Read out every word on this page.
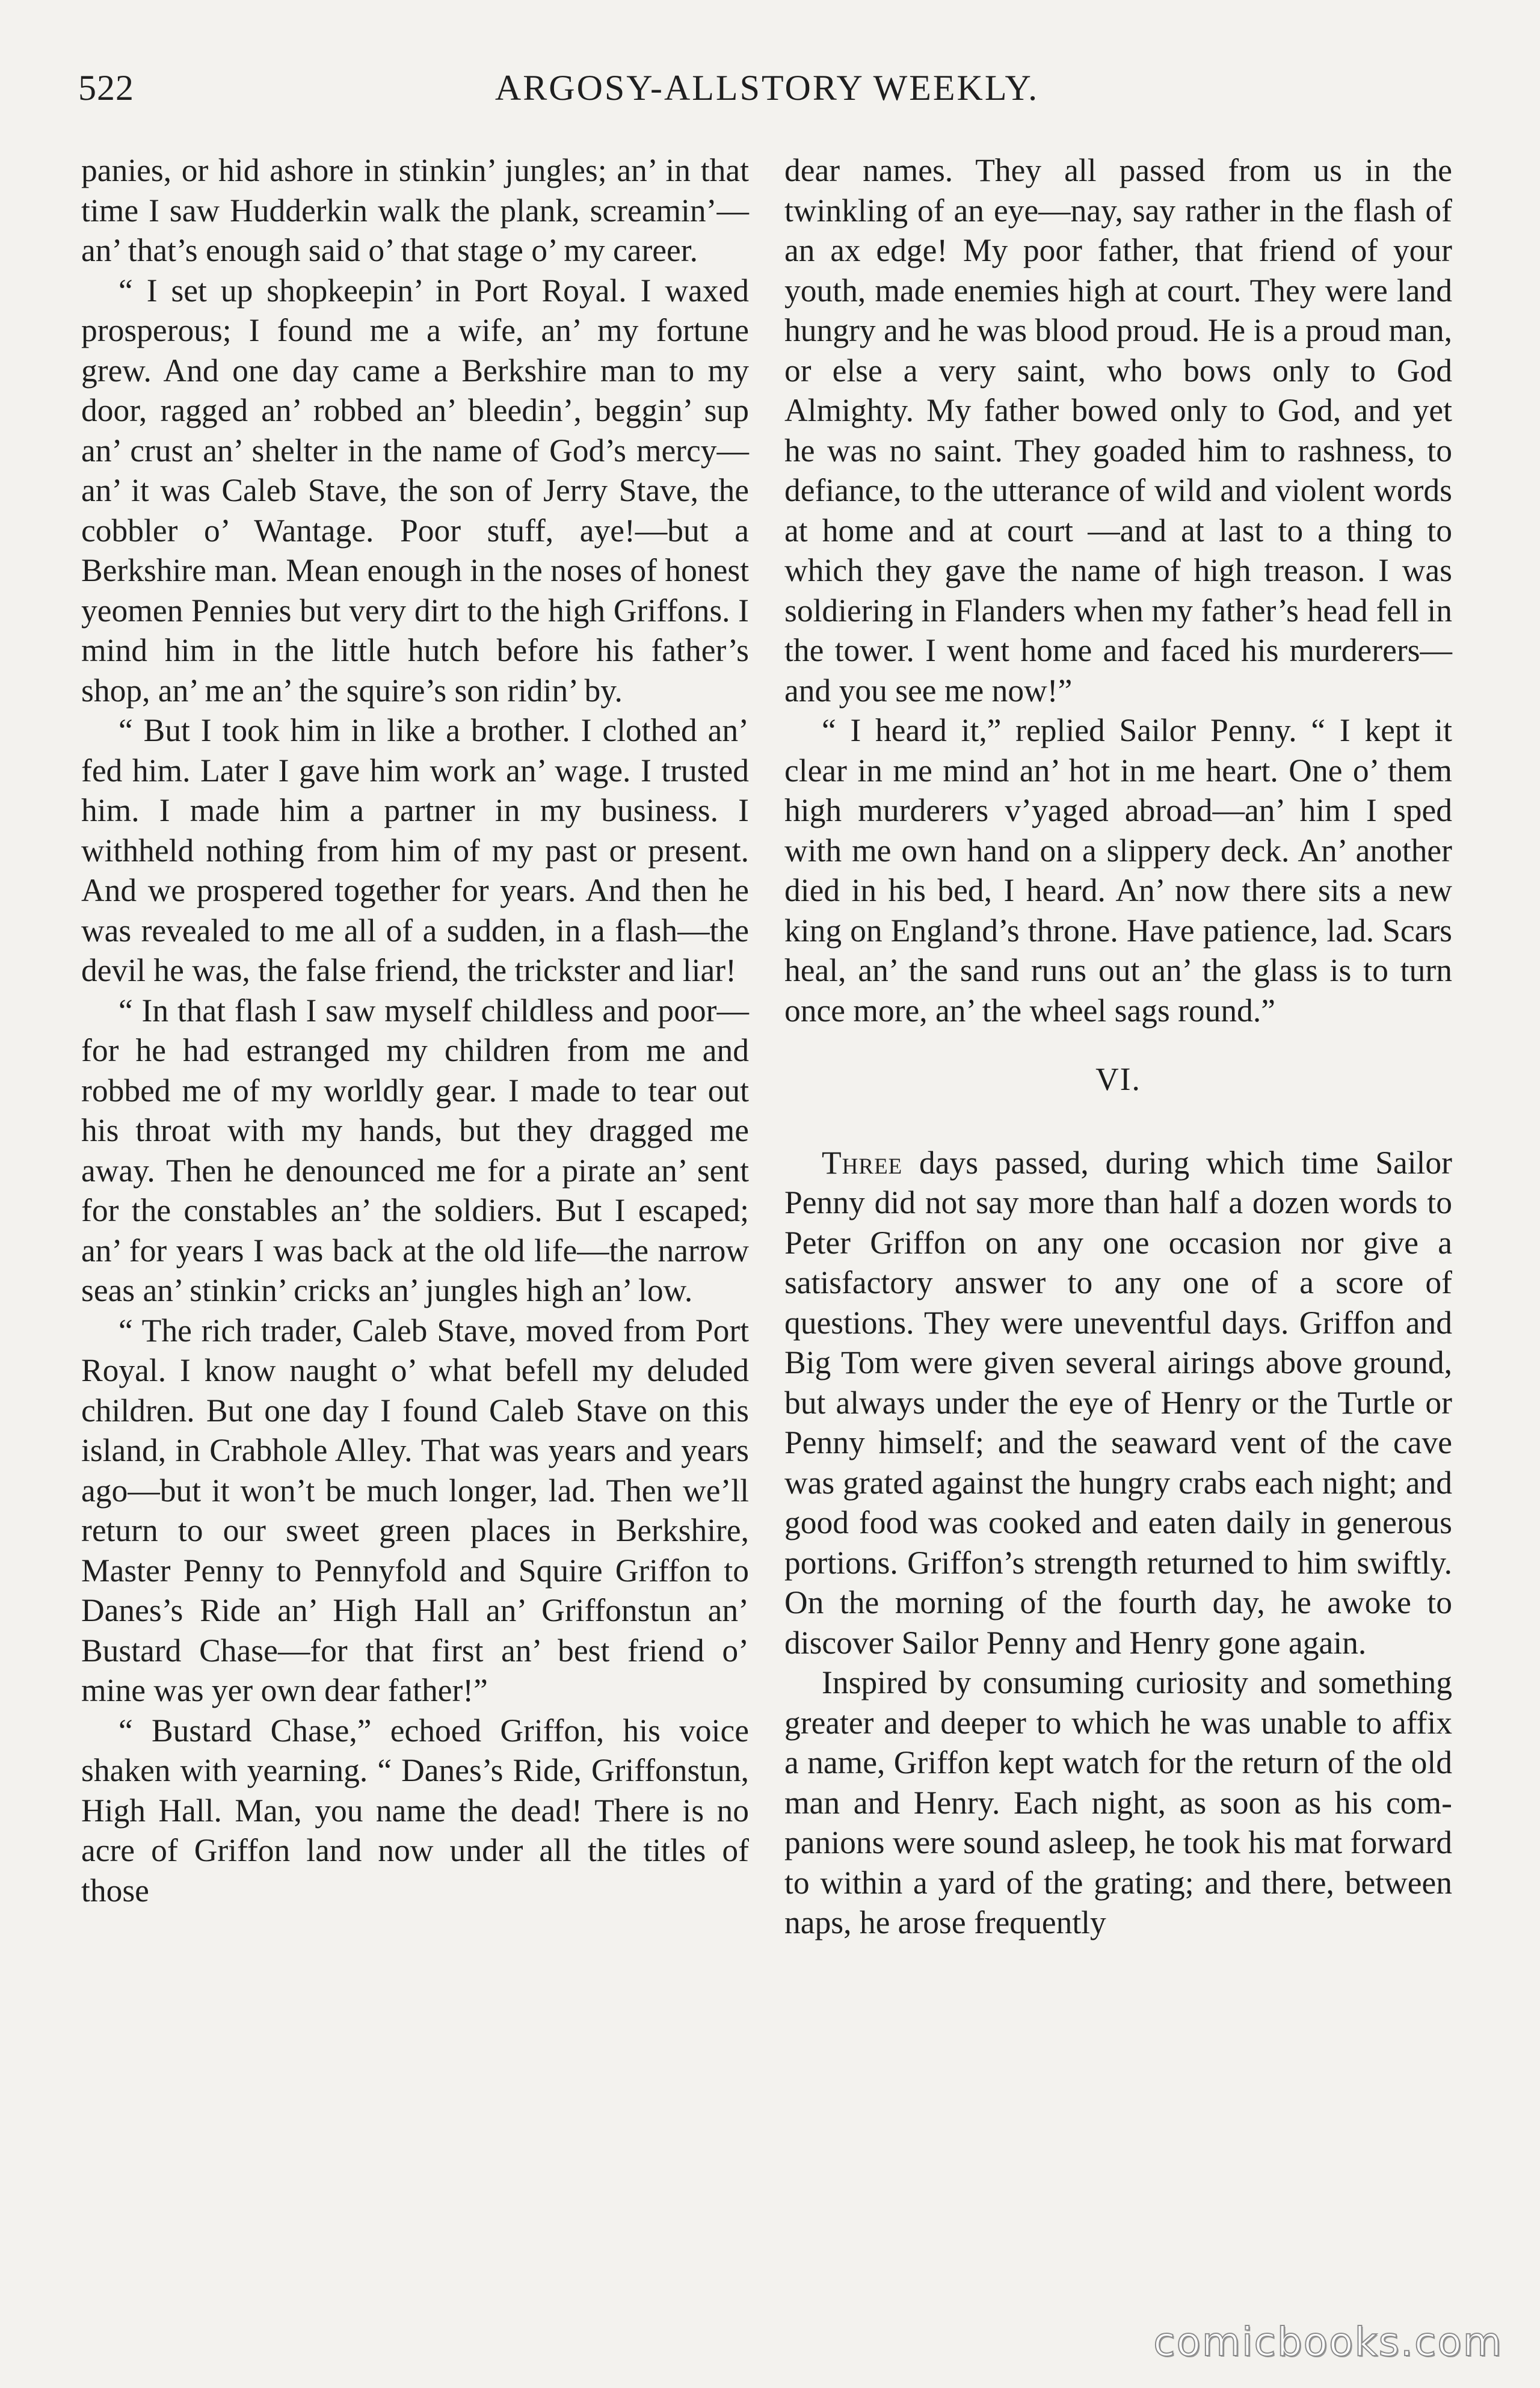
522	ARGOSY-ALLSTORY WEEKLY.

panies, or hid ashore in stinkin’ jungles; an’ in that time I saw Hudderkin walk the plank, screamin’—an’ that’s enough said o’ that stage o’ my career.

“ I set up shopkeepin’ in Port Royal. I waxed prosperous; I found me a wife, an’ my fortune grew. And one day came a Berkshire man to my door, ragged an’ robbed an’ bleedin’, beggin’ sup an’ crust an’ shelter in the name of God’s mercy— an’ it was Caleb Stave, the son of Jerry Stave, the cobbler o’ Wantage. Poor stuff, aye!—but a Berkshire man. Mean enough in the noses of honest yeomen Pennies but very dirt to the high Griffons. I mind him in the little hutch before his father’s shop, an’ me an’ the squire’s son ridin’ by.

“ But I took him in like a brother. I clothed an’ fed him. Later I gave him work an’ wage. I trusted him. I made him a partner in my business. I withheld nothing from him of my past or present. And we prospered together for years. And then he was revealed to me all of a sudden, in a flash—the devil he was, the false friend, the trickster and liar!

“ In that flash I saw myself childless and poor—for he had estranged my children from me and robbed me of my worldly gear. I made to tear out his throat with my hands, but they dragged me away. Then he denounced me for a pirate an’ sent for the constables an’ the soldiers. But I escaped; an’ for years I was back at the old life—the narrow seas an’ stinkin’ cricks an’ jungles high an’ low.

“ The rich trader, Caleb Stave, moved from Port Royal. I know naught o’ what befell my deluded children. But one day I found Caleb Stave on this island, in Crabhole Alley. That was years and years ago—but it won’t be much longer, lad. Then we’ll return to our sweet green places in Berkshire, Master Penny to Pennyfold and Squire Griffon to Danes’s Ride an’ High Hall an’ Griffonstun an’ Bustard Chase—for that first an’ best friend o’ mine was yer own dear father!”

“ Bustard Chase,” echoed Griffon, his voice shaken with yearning. “ Danes’s Ride, Griffonstun, High Hall. Man, you name the dead! There is no acre of Griffon land now under all the titles of those

dear names. They all passed from us in the twinkling of an eye—nay, say rather in the flash of an ax edge! My poor father, that friend of your youth, made enemies high at court. They were land hungry and he was blood proud. He is a proud man, or else a very saint, who bows only to God Almighty. My father bowed only to God, and yet he was no saint. They goaded him to rashness, to defiance, to the utterance of wild and violent words at home and at court —and at last to a thing to which they gave the name of high treason. I was soldiering in Flanders when my father’s head fell in the tower. I went home and faced his murderers—and you see me now!”

“ I heard it,” replied Sailor Penny. “ I kept it clear in me mind an’ hot in me heart. One o’ them high murderers v’yaged abroad—an’ him I sped with me own hand on a slippery deck. An’ another died in his bed, I heard. An’ now there sits a new king on England’s throne. Have patience, lad. Scars heal, an’ the sand runs out an’ the glass is to turn once more, an’ the wheel sags round.”

VI.

Three days passed, during which time Sailor Penny did not say more than half a dozen words to Peter Griffon on any one occasion nor give a satisfactory answer to any one of a score of questions. They were uneventful days. Griffon and Big Tom were given several airings above ground, but always under the eye of Henry or the Turtle or Penny himself; and the seaward vent of the cave was grated against the hungry crabs each night; and good food was cooked and eaten daily in generous portions. Griffon’s strength returned to him swiftly. On the morning of the fourth day, he awoke to discover Sailor Penny and Henry gone again.

Inspired by consuming curiosity and something greater and deeper to which he was unable to affix a name, Griffon kept watch for the return of the old man and Henry. Each night, as soon as his companions were sound asleep, he took his mat forward to within a yard of the grating; and there, between naps, he arose frequently

comicbooks.com
